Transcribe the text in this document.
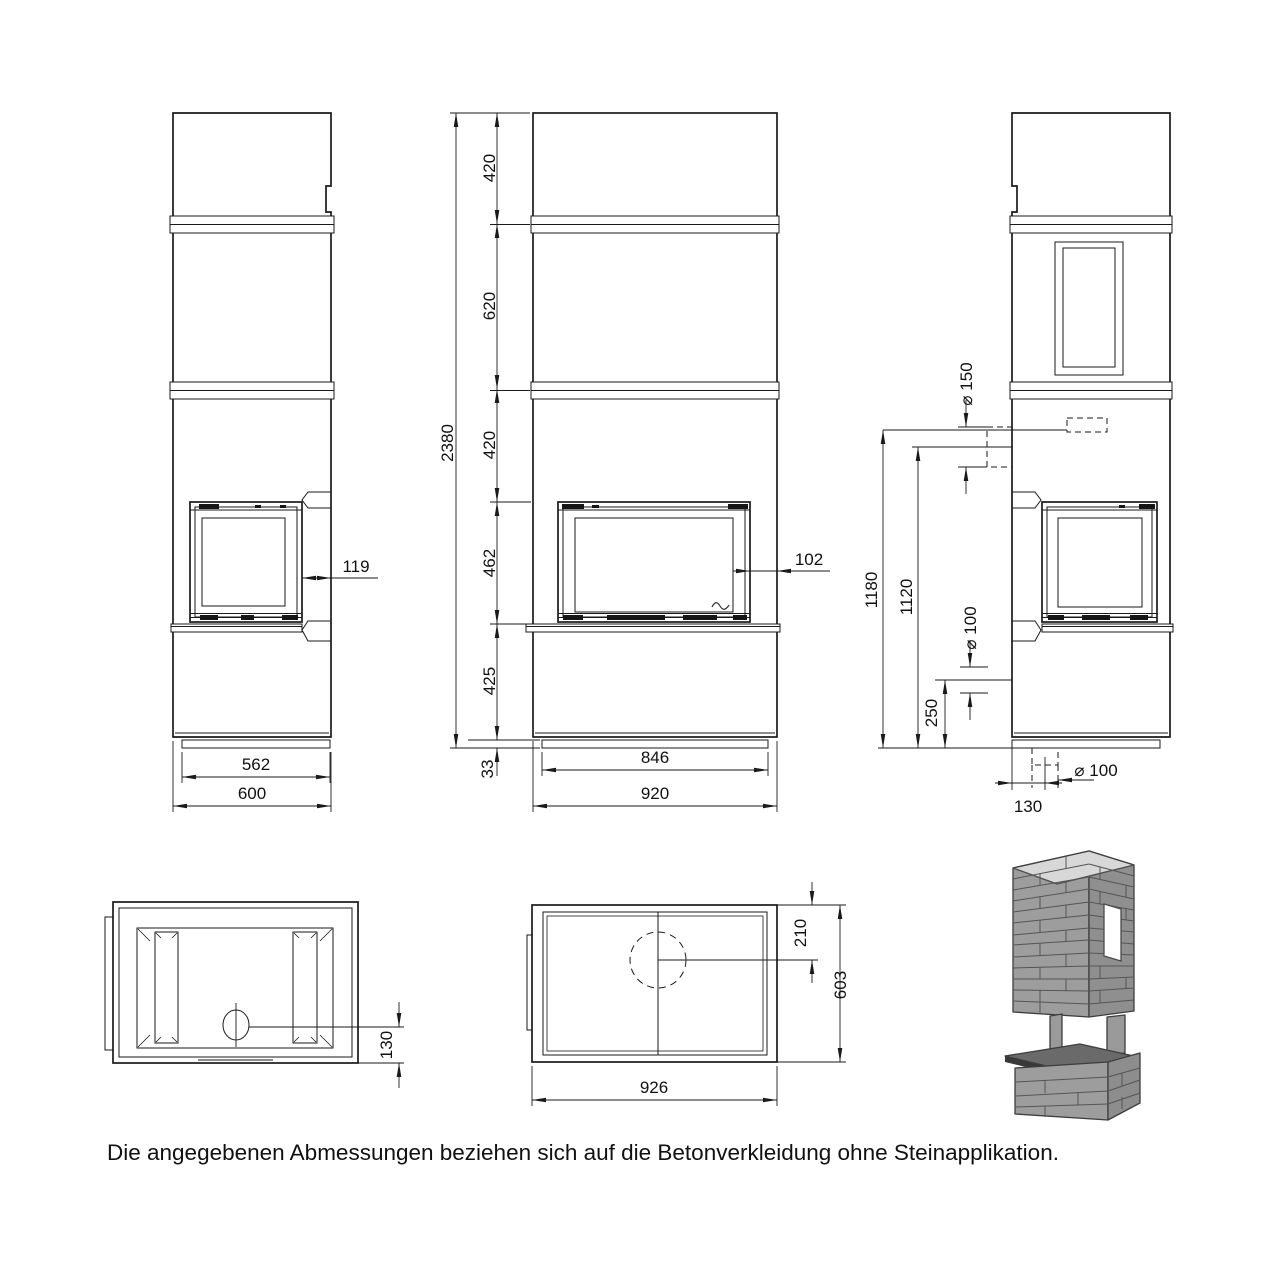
119
562
600
102
420
620
420
462
425
33
2380
846
920
⌀ 150
1180 1120
⌀ 100
250
⌀ 100
130
130
210
603
926
Die angegebenen Abmessungen beziehen sich auf die Betonverkleidung ohne Steinapplikation.
